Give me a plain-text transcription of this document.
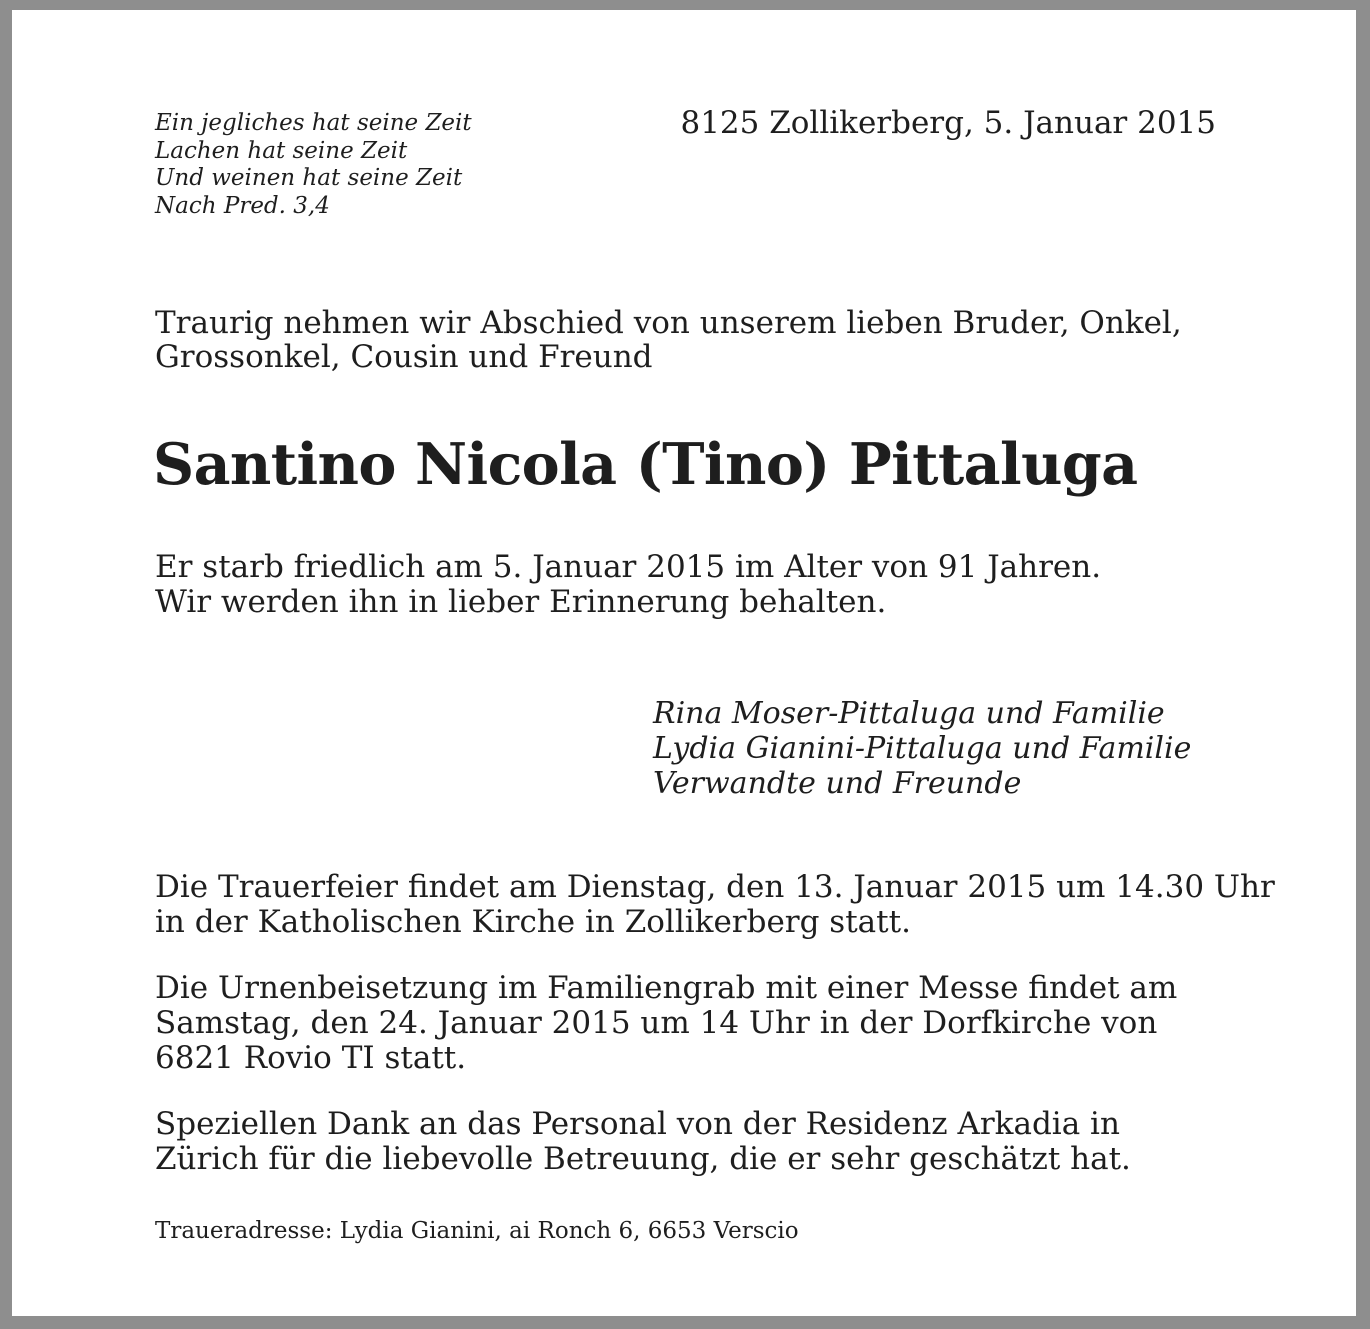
Ein jegliches hat seine Zeit
Lachen hat seine Zeit
Und weinen hat seine Zeit
Nach Pred. 3,4
8125 Zollikerberg, 5. Januar 2015
Traurig nehmen wir Abschied von unserem lieben Bruder, Onkel,
Grossonkel, Cousin und Freund
Santino Nicola (Tino) Pittaluga
Er starb friedlich am 5. Januar 2015 im Alter von 91 Jahren.
Wir werden ihn in lieber Erinnerung behalten.
Rina Moser-Pittaluga und Familie
Lydia Gianini-Pittaluga und Familie
Verwandte und Freunde
Die Trauerfeier findet am Dienstag, den 13. Januar 2015 um 14.30 Uhr
in der Katholischen Kirche in Zollikerberg statt.
Die Urnenbeisetzung im Familiengrab mit einer Messe findet am
Samstag, den 24. Januar 2015 um 14 Uhr in der Dorfkirche von
6821 Rovio TI statt.
Speziellen Dank an das Personal von der Residenz Arkadia in
Zürich für die liebevolle Betreuung, die er sehr geschätzt hat.
Traueradresse: Lydia Gianini, ai Ronch 6, 6653 Verscio
